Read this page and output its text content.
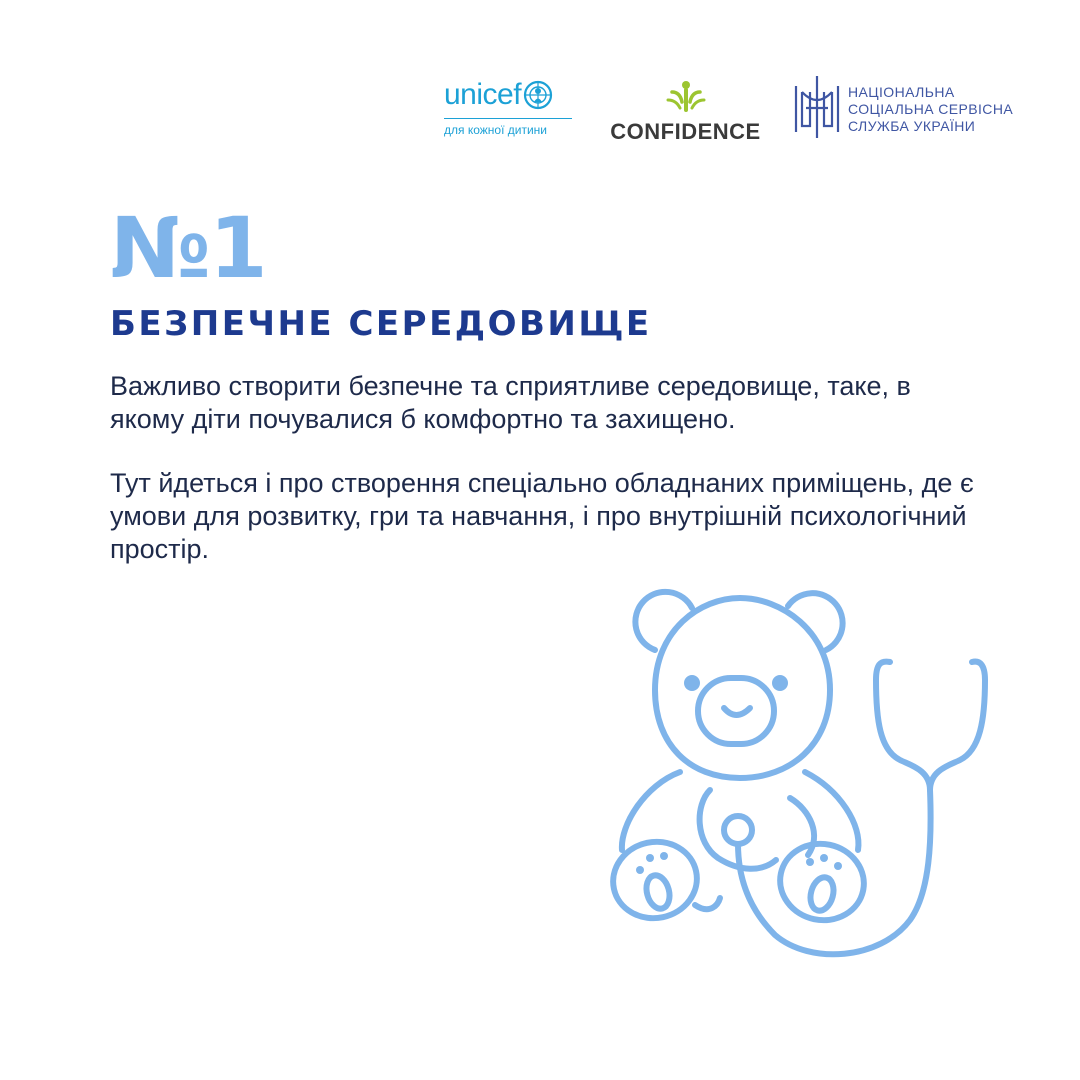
unicef
для кожної дитини	CONFIDENCE
НАЦІОНАЛЬНА
СОЦІАЛЬНА СЕРВІСНА
СЛУЖБА УКРАЇНИ
№1
БЕЗПЕЧНЕ СЕРЕДОВИЩЕ
Важливо створити безпечне та сприятливе середовище, таке, в якому діти почувалися б комфортно та захищено.
Тут йдеться і про створення спеціально обладнаних приміщень, де є умови для розвитку, гри та навчання, і про внутрішній психологічний простір.
